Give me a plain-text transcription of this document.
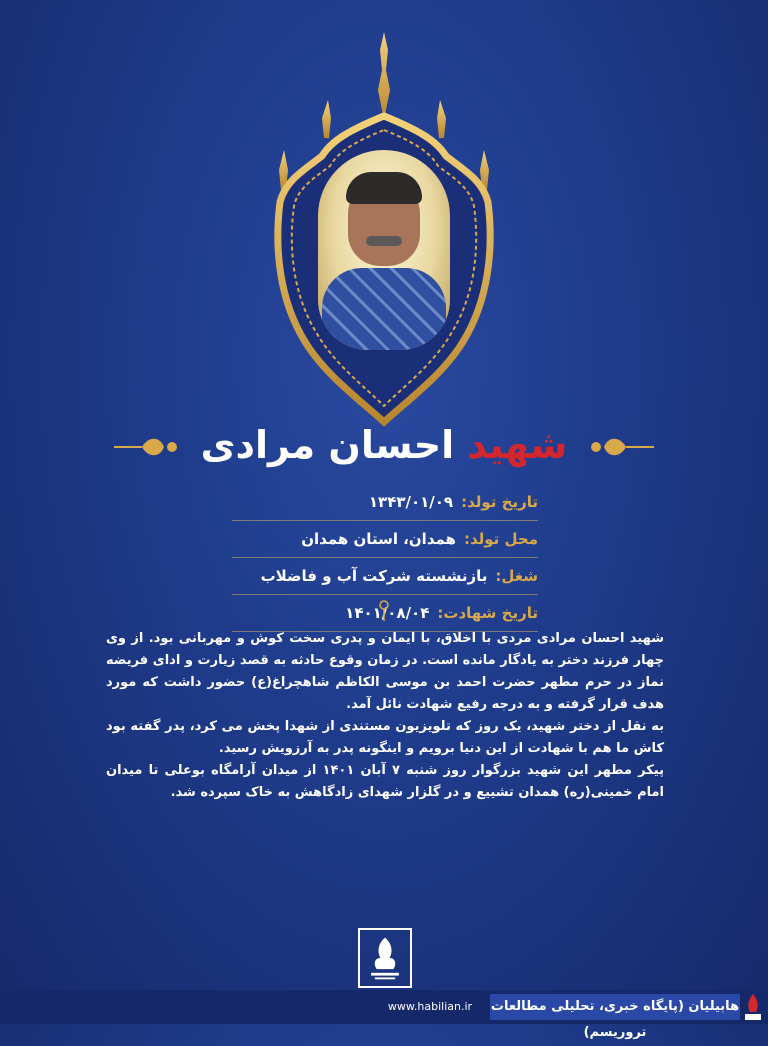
شهید احسان مرادی
تاریخ تولد:
۱۳۴۳/۰۱/۰۹
محل تولد:
همدان، استان همدان
شغل:
بازنشسته شرکت آب و فاضلاب
تاریخ شهادت:
۱۴۰۱/۰۸/۰۴

شهید احسان مرادی مردی با اخلاق، با ایمان و پدری سخت کوش و مهربانی بود. از وی چهار فرزند دختر به یادگار مانده است. در زمان وقوع حادثه به قصد زیارت و ادای فریضه نماز در حرم مطهر حضرت احمد بن موسی الکاظم شاهچراغ(ع) حضور داشت که مورد هدف قرار گرفته و به درجه رفیع شهادت نائل آمد.

به نقل از دختر شهید، یک روز که تلویزیون مستندی از شهدا پخش می کرد، پدر گفته بود کاش ما هم با شهادت از این دنیا برویم و اینگونه پدر به آرزویش رسید.

پیکر مطهر این شهید بزرگوار روز شنبه ۷ آبان ۱۴۰۱ از میدان آرامگاه بوعلی تا میدان امام خمینی(ره) همدان تشییع و در گلزار شهدای زادگاهش به خاک سپرده شد.

www.habilian.ir	هابیلیان (پایگاه خبری، تحلیلی مطالعات تروریسم)
